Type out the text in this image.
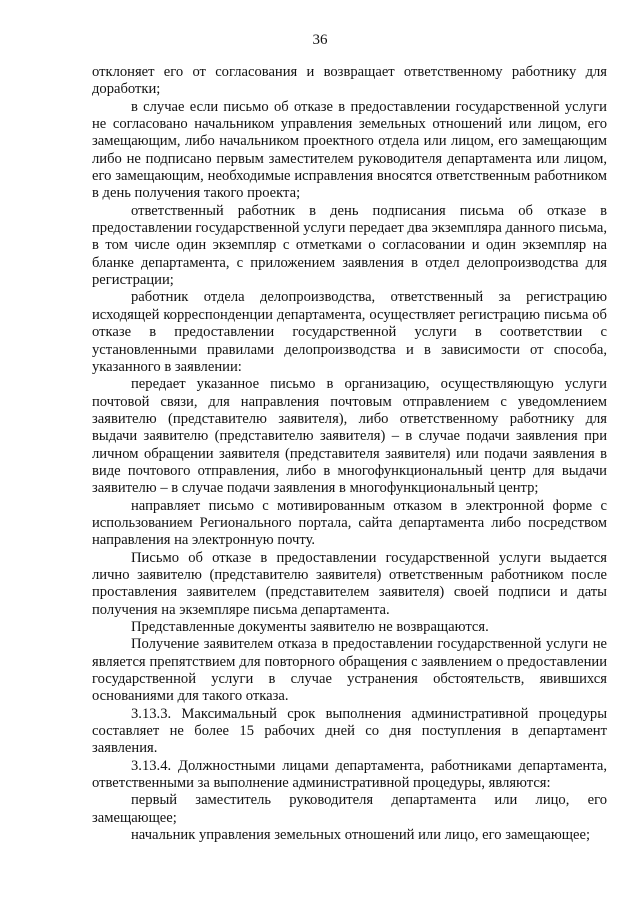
36

отклоняет его от согласования и возвращает ответственному работнику для доработки;

в случае если письмо об отказе в предоставлении государственной услуги не согласовано начальником управления земельных отношений или лицом, его замещающим, либо начальником проектного отдела или лицом, его замещающим либо не подписано первым заместителем руководителя департамента или лицом, его замещающим, необходимые исправления вносятся ответственным работником в день получения такого проекта;

ответственный работник в день подписания письма об отказе в предоставлении государственной услуги передает два экземпляра данного письма, в том числе один экземпляр с отметками о согласовании и один экземпляр на бланке департамента, с приложением заявления в отдел делопроизводства для регистрации;

работник отдела делопроизводства, ответственный за регистрацию исходящей корреспонденции департамента, осуществляет регистрацию письма об отказе в предоставлении государственной услуги в соответствии с установленными правилами делопроизводства и в зависимости от способа, указанного в заявлении:

передает указанное письмо в организацию, осуществляющую услуги почтовой связи, для направления почтовым отправлением с уведомлением заявителю (представителю заявителя), либо ответственному работнику для выдачи заявителю (представителю заявителя) – в случае подачи заявления при личном обращении заявителя (представителя заявителя) или подачи заявления в виде почтового отправления, либо в многофункциональный центр для выдачи заявителю – в случае подачи заявления в многофункциональный центр;

направляет письмо с мотивированным отказом в электронной форме с использованием Регионального портала, сайта департамента либо посредством направления на электронную почту.

Письмо об отказе в предоставлении государственной услуги выдается лично заявителю (представителю заявителя) ответственным работником после проставления заявителем (представителем заявителя) своей подписи и даты получения на экземпляре письма департамента.

Представленные документы заявителю не возвращаются.

Получение заявителем отказа в предоставлении государственной услуги не является препятствием для повторного обращения с заявлением о предоставлении государственной услуги в случае устранения обстоятельств, явившихся основаниями для такого отказа.

3.13.3. Максимальный срок выполнения административной процедуры составляет не более 15 рабочих дней со дня поступления в департамент заявления.

3.13.4. Должностными лицами департамента, работниками департамента, ответственными за выполнение административной процедуры, являются:

первый заместитель руководителя департамента или лицо, его замещающее;

начальник управления земельных отношений или лицо, его замещающее;
